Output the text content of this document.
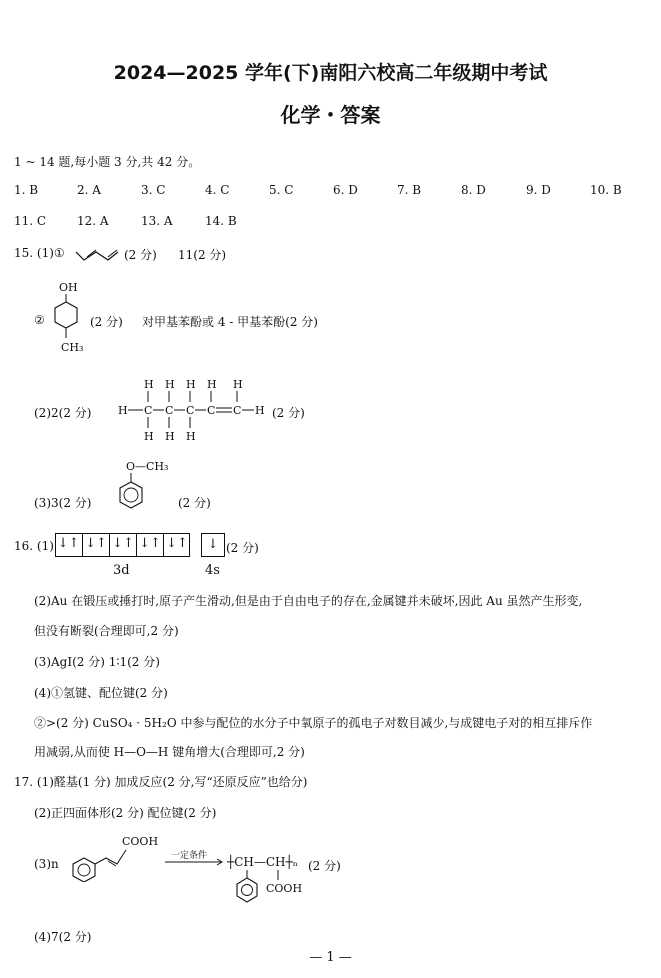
2024—2025 学年(下)南阳六校高二年级期中考试
化学・答案
1 ~ 14 题,每小题 3 分,共 42 分。
1. B	2. A	3. C	4. C	5. C	6. D	7. B	8. D	9. D	10. B
11. C	12. A	13. A	14. B
15. (1)①	(2 分) 11(2 分)
②
OH
CH₃
(2 分) 对甲基苯酚或 4 - 甲基苯酚(2 分)
(2)2(2 分)
H H H H H
H C C C C C H
H H H
(2 分)
(3)3(2 分)
O—CH₃
(2 分)
16. (1) ↓↑ ↓↑ ↓↑ ↓↑ ↓↑	↓ (2 分)
3d	4s
(2)Au 在锻压或捶打时,原子产生滑动,但是由于自由电子的存在,金属键并未破坏,因此 Au 虽然产生形变,
但没有断裂(合理即可,2 分)
(3)AgI(2 分) 1∶1(2 分)
(4)①氢键、配位键(2 分)
②>(2 分) CuSO₄ · 5H₂O 中参与配位的水分子中氧原子的孤电子对数目减少,与成键电子对的相互排斥作
用减弱,从而使 H—O—H 键角增大(合理即可,2 分)
17. (1)醛基(1 分) 加成反应(2 分,写“还原反应”也给分)
(2)正四面体形(2 分) 配位键(2 分)
(3)n
COOH
一定条件 → ┼CH—CH┼ₙ (2 分)
COOH
(4)7(2 分)
— 1 —
